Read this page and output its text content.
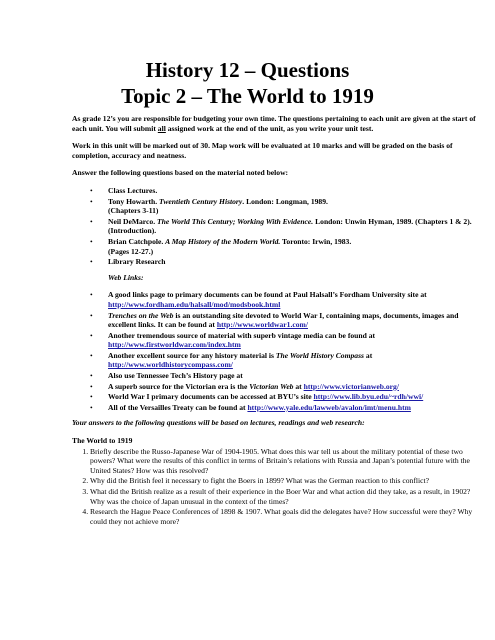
History 12 – Questions
Topic 2 – The World to 1919

As grade 12’s you are responsible for budgeting your own time. The questions pertaining to each unit are given at the start of each unit. You will submit all assigned work at the end of the unit, as you write your unit test.

Work in this unit will be marked out of 30. Map work will be evaluated at 10 marks and will be graded on the basis of completion, accuracy and neatness.

Answer the following questions based on the material noted below:

• Class Lectures.
• Tony Howarth. Twentieth Century History. London: Longman, 1989.
(Chapters 3-11)
• Neil DeMarco. The World This Century; Working With Evidence. London: Unwin Hyman, 1989. (Chapters 1 & 2).
(Introduction).
• Brian Catchpole. A Map History of the Modern World. Toronto: Irwin, 1983.
(Pages 12-27.)
• Library Research
Web Links:
• A good links page to primary documents can be found at Paul Halsall’s Fordham University site at http://www.fordham.edu/halsall/mod/modsbook.html
• Trenches on the Web is an outstanding site devoted to World War I, containing maps, documents, images and excellent links. It can be found at http://www.worldwar1.com/
• Another tremendous source of material with superb vintage media can be found at http://www.firstworldwar.com/index.htm
• Another excellent source for any history material is The World History Compass at http://www.worldhistorycompass.com/
• Also use Tennessee Tech’s History page at
• A superb source for the Victorian era is the Victorian Web at http://www.victorianweb.org/
• World War I primary documents can be accessed at BYU’s site http://www.lib.byu.edu/~rdh/wwi/
• All of the Versailles Treaty can be found at http://www.yale.edu/lawweb/avalon/imt/menu.htm

Your answers to the following questions will be based on lectures, readings and web research:

The World to 1919
1. Briefly describe the Russo-Japanese War of 1904-1905. What does this war tell us about the military potential of these two powers? What were the results of this conflict in terms of Britain’s relations with Russia and Japan’s potential future with the United States? How was this resolved?
2. Why did the British feel it necessary to fight the Boers in 1899? What was the German reaction to this conflict?
3. What did the British realize as a result of their experience in the Boer War and what action did they take, as a result, in 1902? Why was the choice of Japan unusual in the context of the times?
4. Research the Hague Peace Conferences of 1898 & 1907. What goals did the delegates have? How successful were they? Why could they not achieve more?
